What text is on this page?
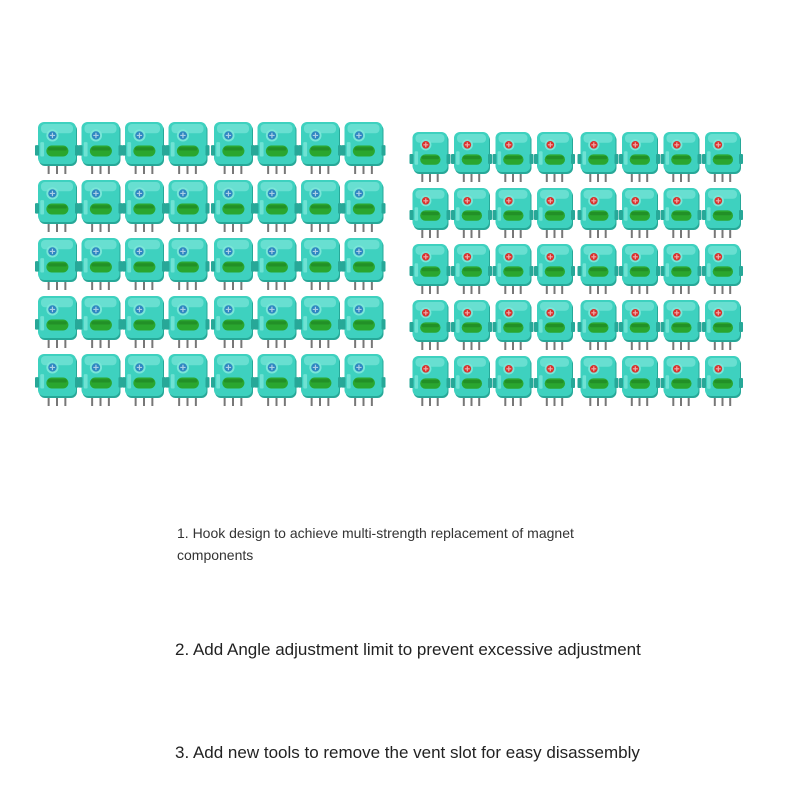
1. Hook design to achieve multi-strength replacement of magnet components

2. Add Angle adjustment limit to prevent excessive adjustment

3. Add new tools to remove the vent slot for easy disassembly
